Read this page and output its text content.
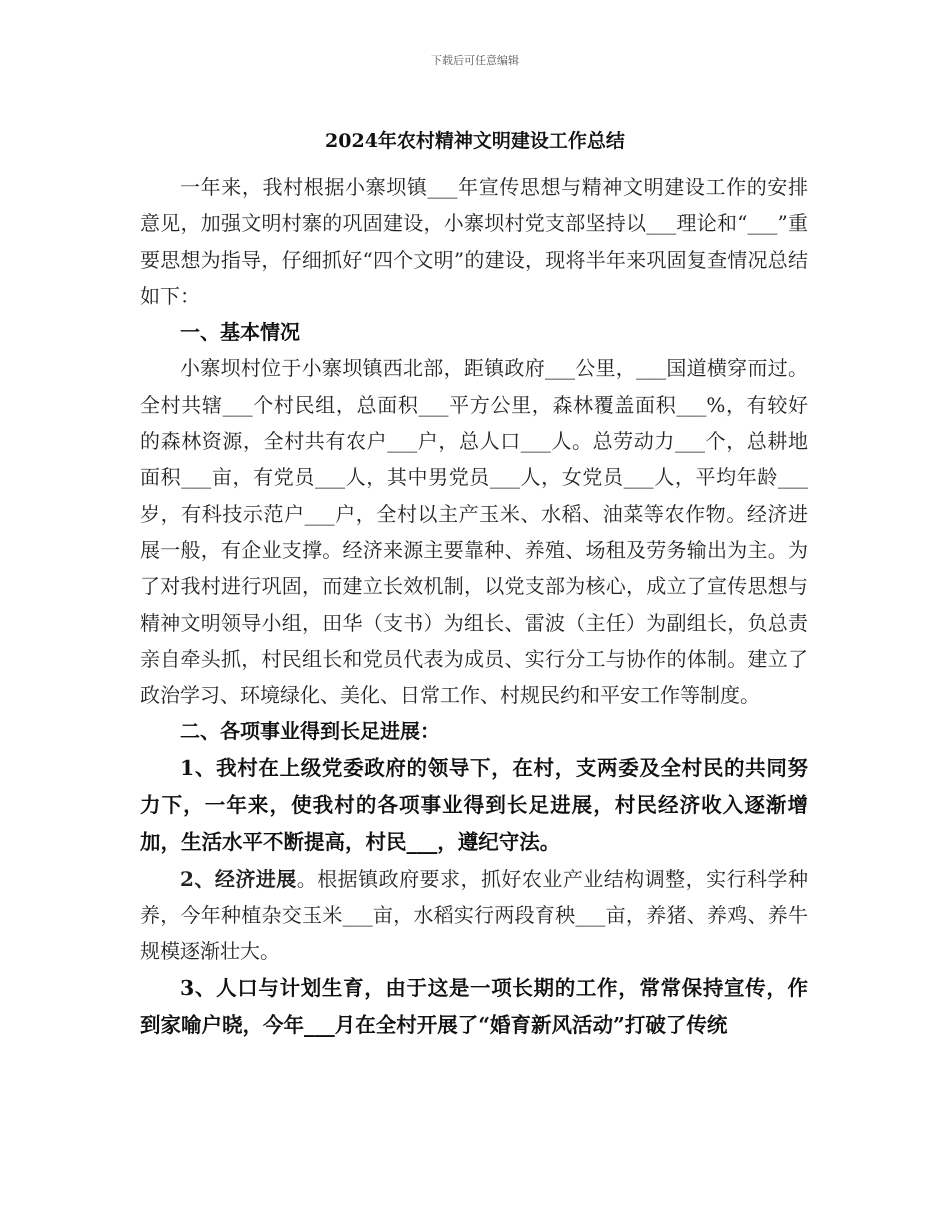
下载后可任意编辑
2024年农村精神文明建设工作总结

一年来，我村根据小寨坝镇___年宣传思想与精神文明建设工作的安排意见，加强文明村寨的巩固建设，小寨坝村党支部坚持以___理论和“___”重要思想为指导，仔细抓好“四个文明”的建设，现将半年来巩固复查情况总结如下：

一、基本情况

小寨坝村位于小寨坝镇西北部，距镇政府___公里，___国道横穿而过。全村共辖___个村民组，总面积___平方公里，森林覆盖面积___%，有较好的森林资源，全村共有农户___户，总人口___人。总劳动力___个，总耕地面积___亩，有党员___人，其中男党员___人，女党员___人，平均年龄___岁，有科技示范户___户，全村以主产玉米、水稻、油菜等农作物。经济进展一般，有企业支撑。经济来源主要靠种、养殖、场租及劳务输出为主。为了对我村进行巩固，而建立长效机制，以党支部为核心，成立了宣传思想与精神文明领导小组，田华（支书）为组长、雷波（主任）为副组长，负总责亲自牵头抓，村民组长和党员代表为成员、实行分工与协作的体制。建立了政治学习、环境绿化、美化、日常工作、村规民约和平安工作等制度。

二、各项事业得到长足进展：

1、我村在上级党委政府的领导下，在村，支两委及全村民的共同努力下，一年来，使我村的各项事业得到长足进展，村民经济收入逐渐增加，生活水平不断提高，村民___，遵纪守法。

2、经济进展。根据镇政府要求，抓好农业产业结构调整，实行科学种养，今年种植杂交玉米___亩，水稻实行两段育秧___亩，养猪、养鸡、养牛规模逐渐壮大。

3、人口与计划生育，由于这是一项长期的工作，常常保持宣传，作到家喻户晓，今年___月在全村开展了“婚育新风活动”打破了传统
